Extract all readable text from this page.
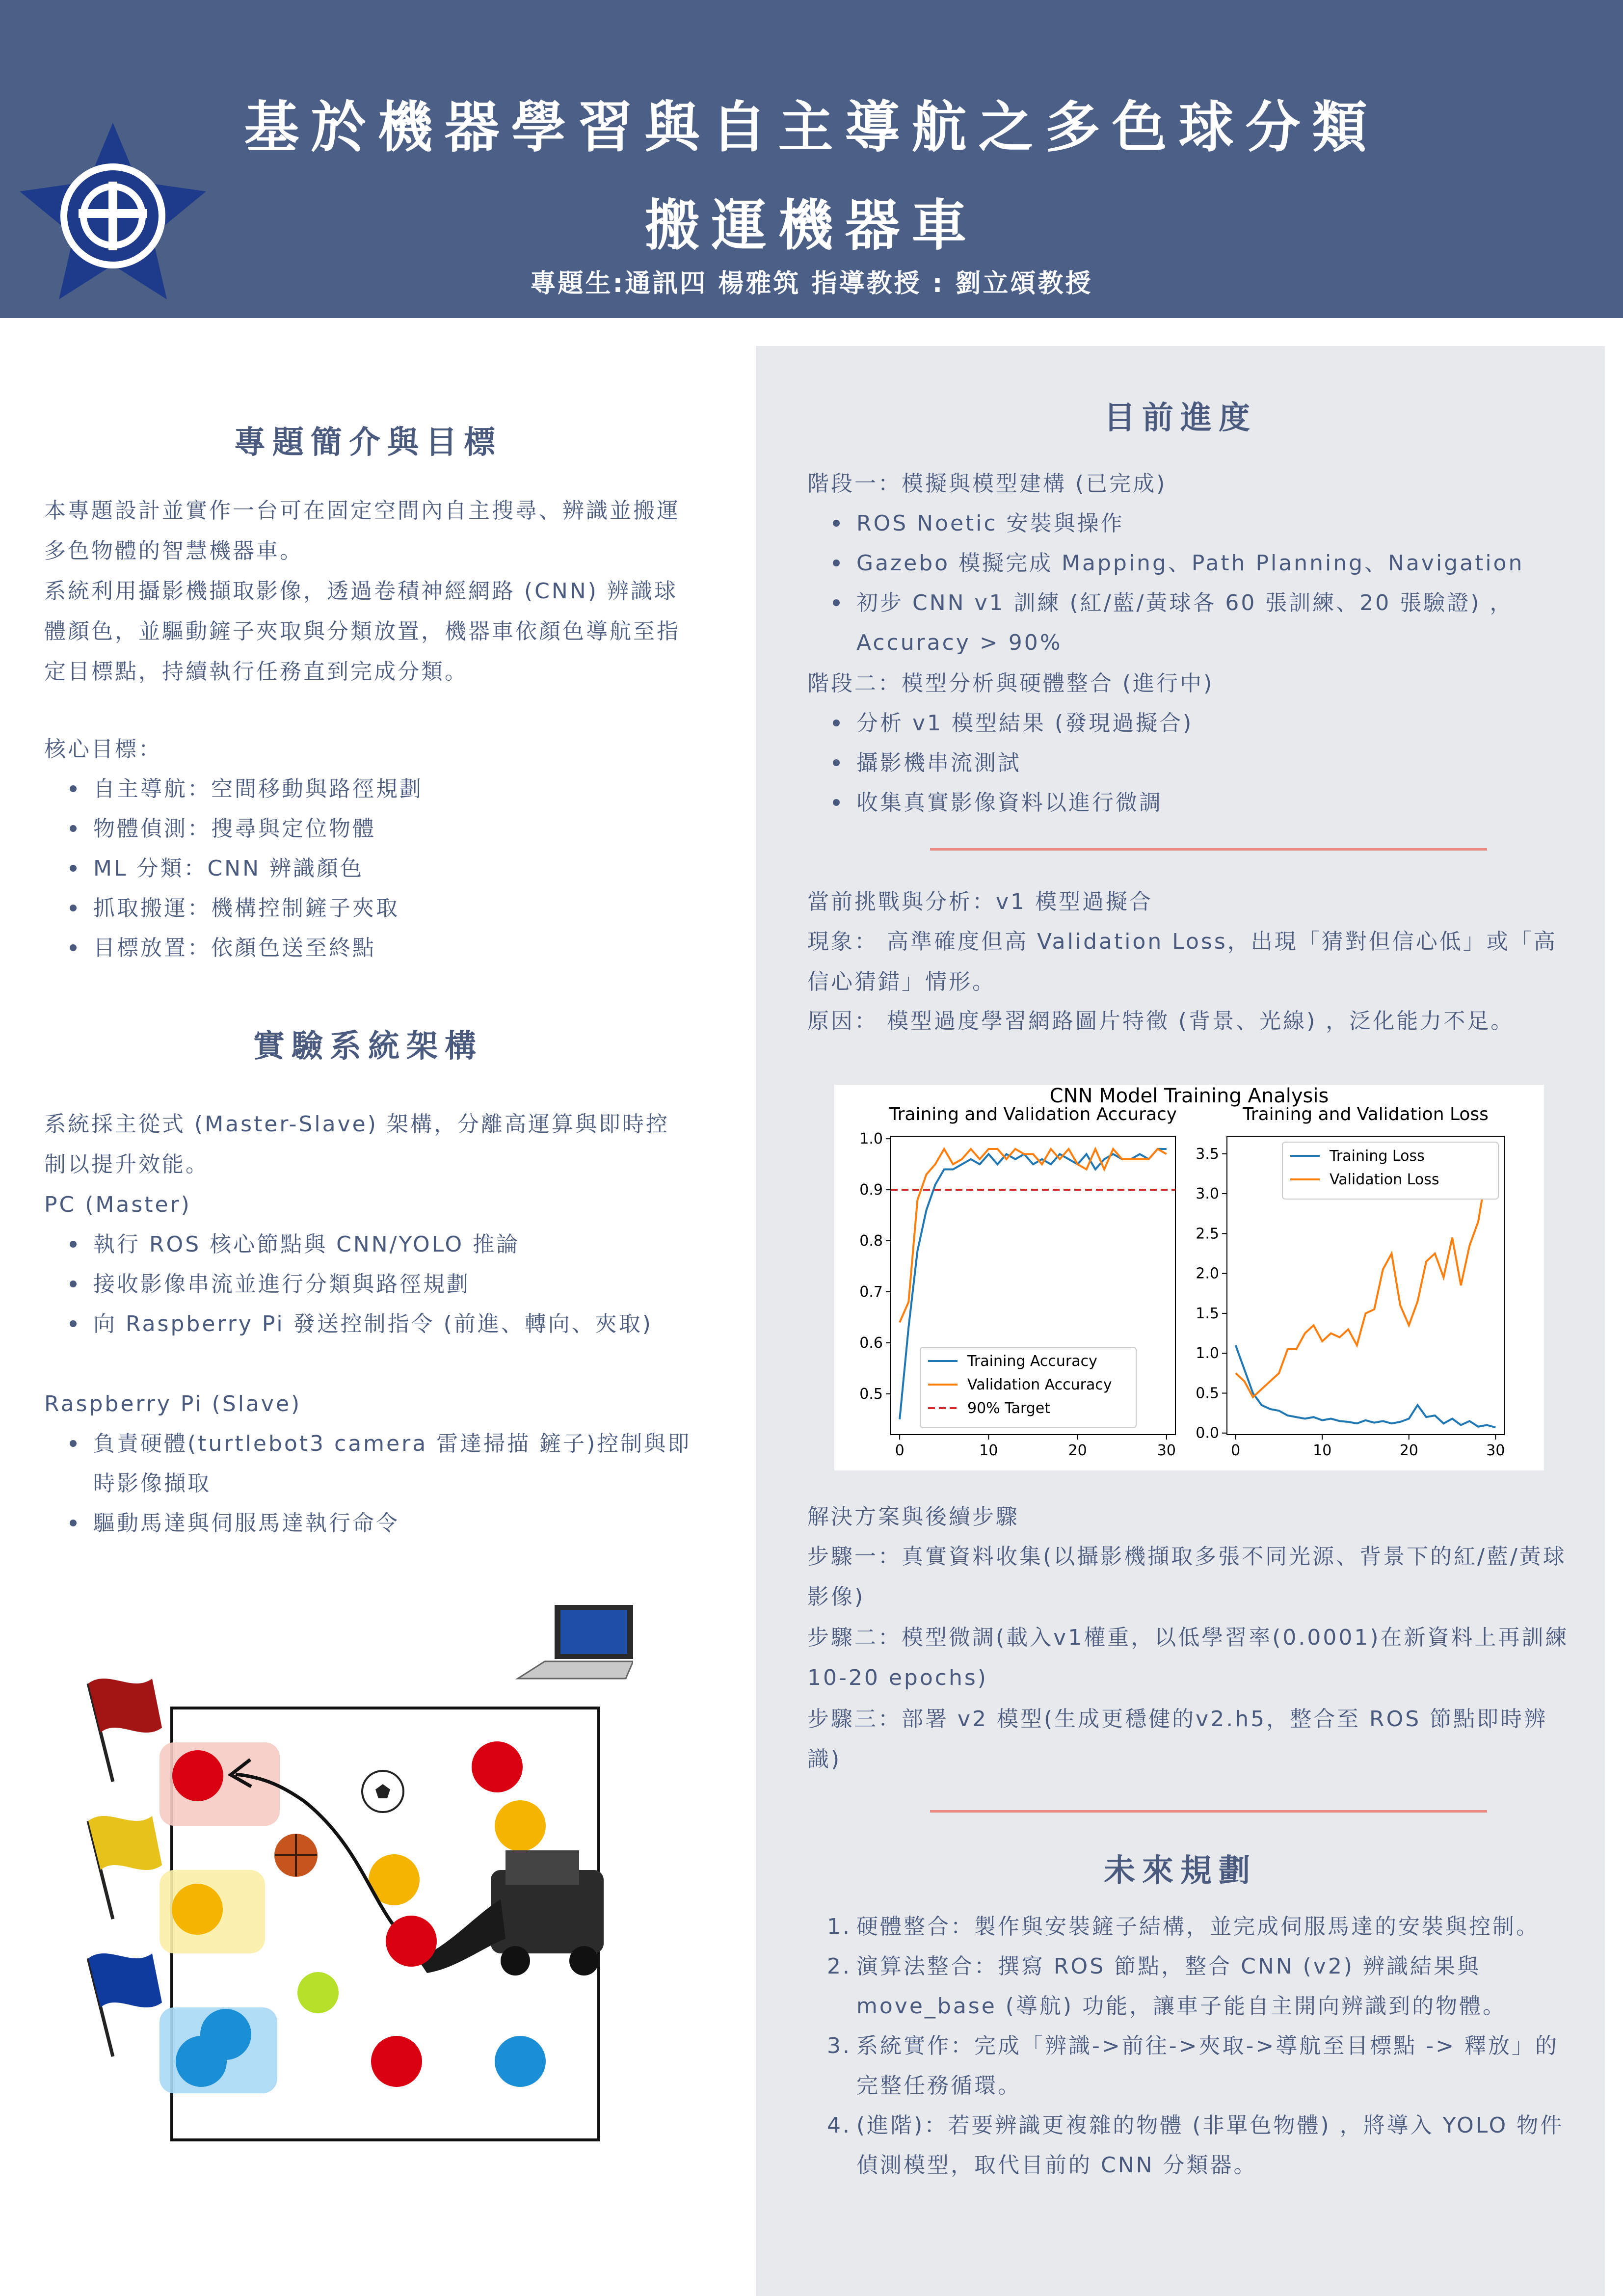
基於機器學習與自主導航之多色球分類
搬運機器車
專題生:通訊四 楊雅筑 指導教授 : 劉立頌教授
專題簡介與目標

本專題設計並實作一台可在固定空間內自主搜尋、辨識並搬運多色物體的智慧機器車。

系統利用攝影機擷取影像，透過卷積神經網路 (CNN) 辨識球體顏色，並驅動鏟子夾取與分類放置，機器車依顏色導航至指定目標點，持續執行任務直到完成分類。

核心目標：

自主導航：空間移動與路徑規劃
物體偵測：搜尋與定位物體
ML 分類：CNN 辨識顏色
抓取搬運：機構控制鏟子夾取
目標放置：依顏色送至終點
實驗系統架構

系統採主從式 (Master-Slave) 架構，分離高運算與即時控制以提升效能。

PC (Master)

執行 ROS 核心節點與 CNN/YOLO 推論
接收影像串流並進行分類與路徑規劃
向 Raspberry Pi 發送控制指令 (前進、轉向、夾取)

Raspberry Pi (Slave)

負責硬體(turtlebot3 camera 雷達掃描 鏟子)控制與即時影像擷取
驅動馬達與伺服馬達執行命令
目前進度

階段一：模擬與模型建構 (已完成)

ROS Noetic 安裝與操作
Gazebo 模擬完成 Mapping、Path Planning、Navigation
初步 CNN v1 訓練 (紅/藍/黃球各 60 張訓練、20 張驗證) ，Accuracy > 90%

階段二：模型分析與硬體整合 (進行中)

分析 v1 模型結果 (發現過擬合)
攝影機串流測試
收集真實影像資料以進行微調

當前挑戰與分析：v1 模型過擬合

現象： 高準確度但高 Validation Loss，出現「猜對但信心低」或「高信心猜錯」情形。

原因： 模型過度學習網路圖片特徵 (背景、光線) ，泛化能力不足。

CNN Model Training Analysis
Training and Validation Accuracy
0	10	20	30
0.5
0.6
0.7
0.8
0.9
1.0
Training Accuracy
Validation Accuracy
90% Target
Training and Validation Loss
0	10	20	30
0.0
0.5
1.0
1.5
2.0
2.5
3.0
3.5	Training Loss
Validation Loss

解決方案與後續步驟

步驟一：真實資料收集(以攝影機擷取多張不同光源、背景下的紅/藍/黃球影像)

步驟二：模型微調(載入v1權重，以低學習率(0.0001)在新資料上再訓練10-20 epochs)

步驟三：部署 v2 模型(生成更穩健的v2.h5，整合至 ROS 節點即時辨識)

未來規劃
1. 硬體整合：製作與安裝鏟子結構，並完成伺服馬達的安裝與控制。
2. 演算法整合：撰寫 ROS 節點，整合 CNN (v2) 辨識結果與 move_base (導航) 功能，讓車子能自主開向辨識到的物體。
3. 系統實作：完成「辨識->前往->夾取->導航至目標點 -> 釋放」的完整任務循環。
4. (進階)：若要辨識更複雜的物體 (非單色物體) ，將導入 YOLO 物件偵測模型，取代目前的 CNN 分類器。
